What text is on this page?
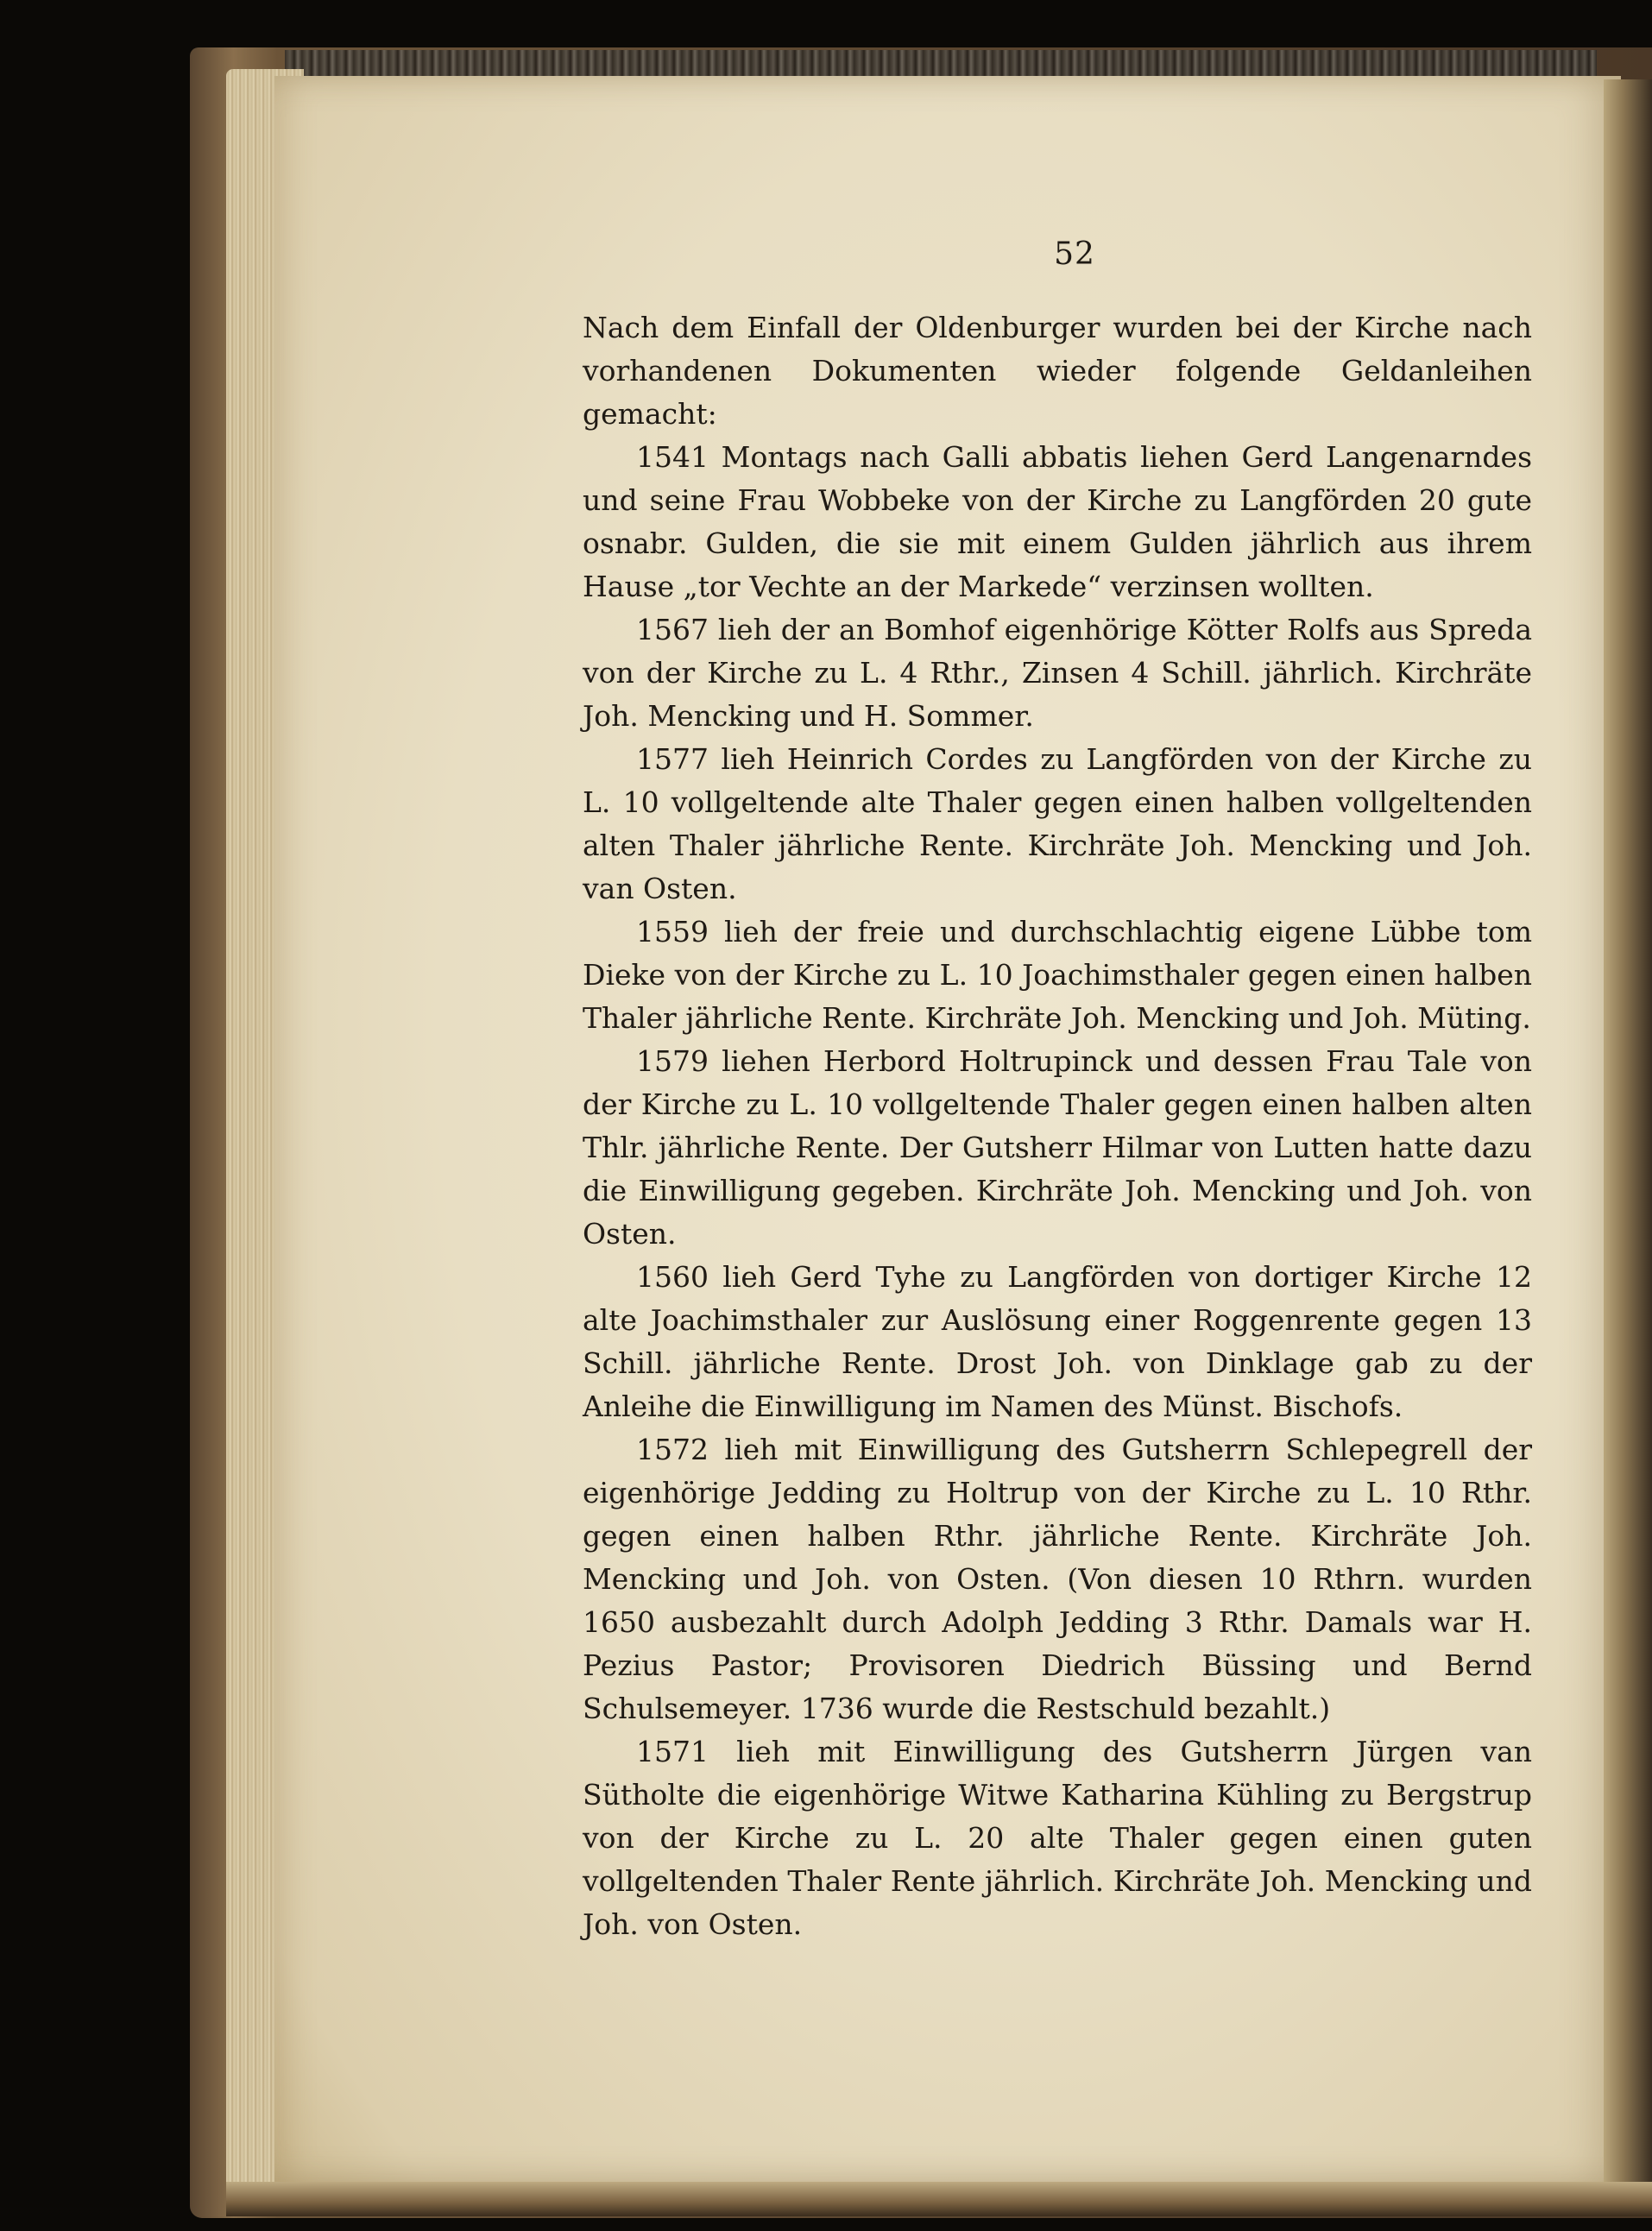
52

Nach dem Einfall der Oldenburger wurden bei der Kirche nach vorhandenen Dokumenten wieder folgende Geldanleihen gemacht:

1541 Montags nach Galli abbatis liehen Gerd Langenarndes und seine Frau Wobbeke von der Kirche zu Langförden 20 gute osnabr. Gulden, die sie mit einem Gulden jährlich aus ihrem Hause „tor Vechte an der Markede“ verzinsen wollten.

1567 lieh der an Bomhof eigenhörige Kötter Rolfs aus Spreda von der Kirche zu L. 4 Rthr., Zinsen 4 Schill. jährlich. Kirchräte Joh. Mencking und H. Sommer.

1577 lieh Heinrich Cordes zu Langförden von der Kirche zu L. 10 vollgeltende alte Thaler gegen einen halben vollgeltenden alten Thaler jährliche Rente. Kirchräte Joh. Mencking und Joh. van Osten.

1559 lieh der freie und durchschlachtig eigene Lübbe tom Dieke von der Kirche zu L. 10 Joachimsthaler gegen einen halben Thaler jährliche Rente. Kirchräte Joh. Mencking und Joh. Müting.

1579 liehen Herbord Holtrupinck und dessen Frau Tale von der Kirche zu L. 10 vollgeltende Thaler gegen einen halben alten Thlr. jährliche Rente. Der Gutsherr Hilmar von Lutten hatte dazu die Einwilligung gegeben. Kirchräte Joh. Mencking und Joh. von Osten.

1560 lieh Gerd Tyhe zu Langförden von dortiger Kirche 12 alte Joachimsthaler zur Auslösung einer Roggenrente gegen 13 Schill. jährliche Rente. Drost Joh. von Dinklage gab zu der Anleihe die Einwilligung im Namen des Münst. Bischofs.

1572 lieh mit Einwilligung des Gutsherrn Schlepegrell der eigenhörige Jedding zu Holtrup von der Kirche zu L. 10 Rthr. gegen einen halben Rthr. jährliche Rente. Kirchräte Joh. Mencking und Joh. von Osten. (Von diesen 10 Rthrn. wurden 1650 ausbezahlt durch Adolph Jedding 3 Rthr. Damals war H. Pezius Pastor; Provisoren Diedrich Büssing und Bernd Schulsemeyer. 1736 wurde die Restschuld bezahlt.)

1571 lieh mit Einwilligung des Gutsherrn Jürgen van Sütholte die eigenhörige Witwe Katharina Kühling zu Bergstrup von der Kirche zu L. 20 alte Thaler gegen einen guten vollgeltenden Thaler Rente jährlich. Kirchräte Joh. Mencking und Joh. von Osten.
